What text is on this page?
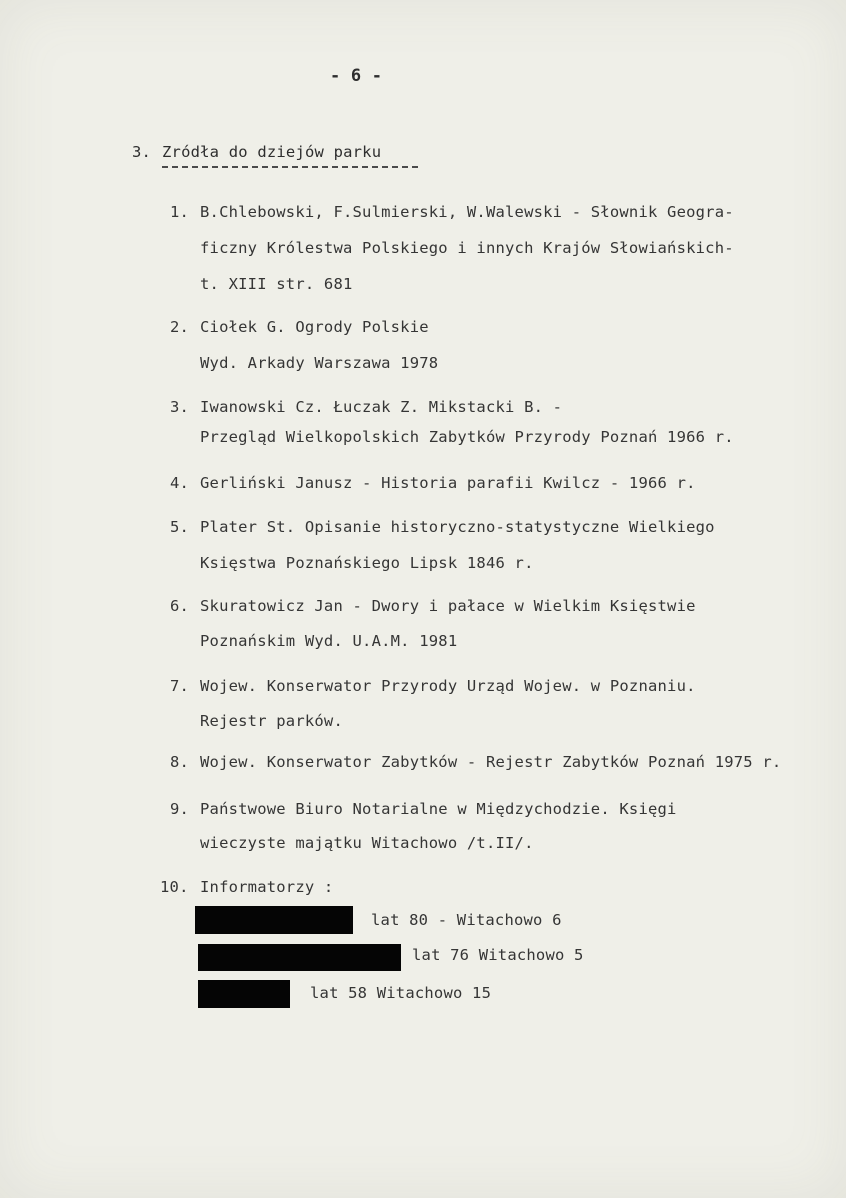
- 6 -
3. Zródła do dziejów parku
1. B.Chlebowski, F.Sulmierski, W.Walewski - Słownik Geogra-
ficzny Królestwa Polskiego i innych Krajów Słowiańskich-
t. XIII str. 681
2. Ciołek G. Ogrody Polskie
Wyd. Arkady Warszawa 1978
3. Iwanowski Cz. Łuczak Z. Mikstacki B. -
Przegląd Wielkopolskich Zabytków Przyrody Poznań 1966 r.
4. Gerliński Janusz - Historia parafii Kwilcz - 1966 r.
5. Plater St. Opisanie historyczno-statystyczne Wielkiego
Księstwa Poznańskiego Lipsk 1846 r.
6. Skuratowicz Jan - Dwory i pałace w Wielkim Księstwie
Poznańskim Wyd. U.A.M. 1981
7. Wojew. Konserwator Przyrody Urząd Wojew. w Poznaniu.
Rejestr parków.
8. Wojew. Konserwator Zabytków - Rejestr Zabytków Poznań 1975 r.
9. Państwowe Biuro Notarialne w Międzychodzie. Księgi
wieczyste majątku Witachowo /t.II/.
10. Informatorzy :
lat 80 - Witachowo 6
lat 76 Witachowo 5
lat 58 Witachowo 15
